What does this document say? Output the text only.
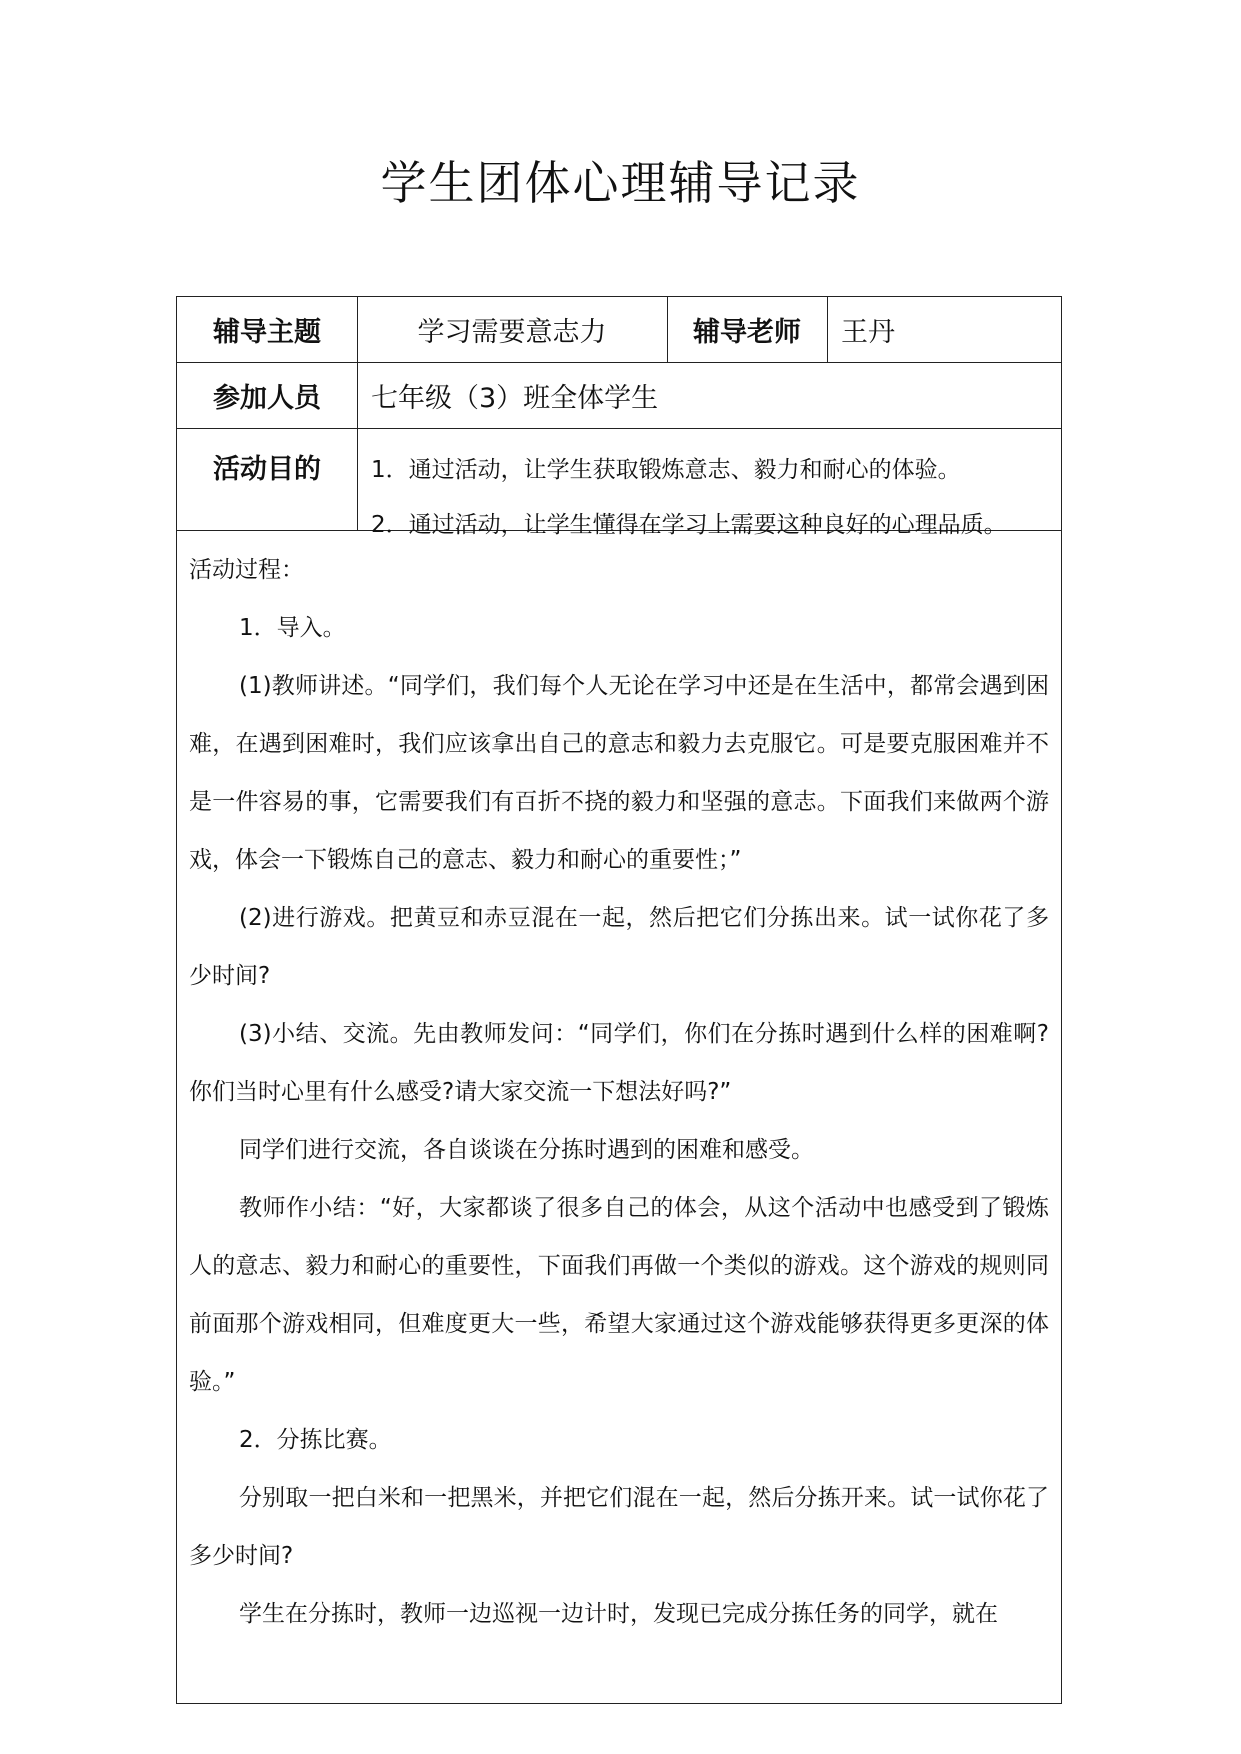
学生团体心理辅导记录
辅导主题	学习需要意志力	辅导老师	王丹
参加人员	七年级（3）班全体学生
活动目的	1．通过活动，让学生获取锻炼意志、毅力和耐心的体验。
2．通过活动，让学生懂得在学习上需要这种良好的心理品质。

活动过程：

1．导入。

(1)教师讲述。“同学们，我们每个人无论在学习中还是在生活中，都常会遇到困难，在遇到困难时，我们应该拿出自己的意志和毅力去克服它。可是要克服困难并不是一件容易的事，它需要我们有百折不挠的毅力和坚强的意志。下面我们来做两个游戏，体会一下锻炼自己的意志、毅力和耐心的重要性；”

(2)进行游戏。把黄豆和赤豆混在一起，然后把它们分拣出来。试一试你花了多少时间?

(3)小结、交流。先由教师发问：“同学们，你们在分拣时遇到什么样的困难啊?你们当时心里有什么感受?请大家交流一下想法好吗?”

同学们进行交流，各自谈谈在分拣时遇到的困难和感受。

教师作小结：“好，大家都谈了很多自己的体会，从这个活动中也感受到了锻炼人的意志、毅力和耐心的重要性，下面我们再做一个类似的游戏。这个游戏的规则同前面那个游戏相同，但难度更大一些，希望大家通过这个游戏能够获得更多更深的体验。”

2．分拣比赛。

分别取一把白米和一把黑米，并把它们混在一起，然后分拣开来。试一试你花了多少时间?

学生在分拣时，教师一边巡视一边计时，发现已完成分拣任务的同学，就在
